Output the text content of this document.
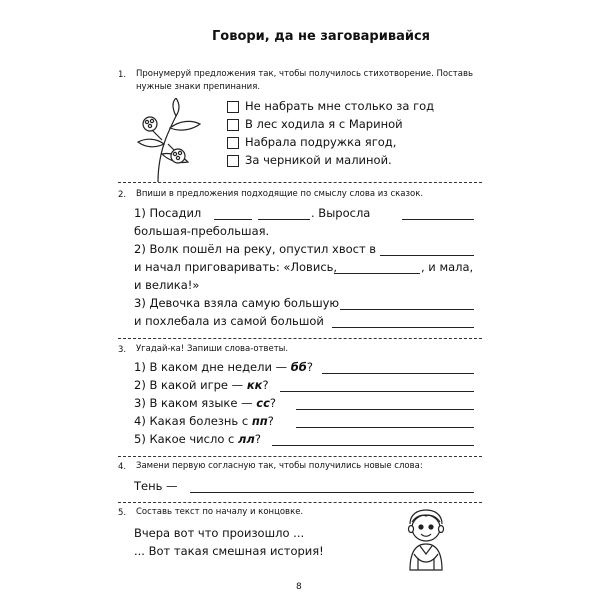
Говори, да не заговаривайся
1. Пронумеруй предложения так, чтобы получилось стихотворение. Поставь
нужные знаки препинания.
Не набрать мне столько за год
В лес ходила я с Мариной
Набрала подружка ягод,
За черникой и малиной.
2. Впиши в предложения подходящие по смыслу слова из сказок.
1) Посадил	. Выросла
большая-пребольшая.
2) Волк пошёл на реку, опустил хвост в
и начал приговаривать: «Ловись,	, и мала,
и велика!»
3) Девочка взяла самую большую
и похлебала из самой большой
3. Угадай-ка! Запиши слова-ответы.
1) В каком дне недели — бб?
2) В какой игре — кк?
3) В каком языке — сс?
4) Какая болезнь с пп?
5) Какое число с лл?
4. Замени первую согласную так, чтобы получились новые слова:
Тень —
5. Составь текст по началу и концовке.
Вчера вот что произошло ...
... Вот такая смешная история!
8
